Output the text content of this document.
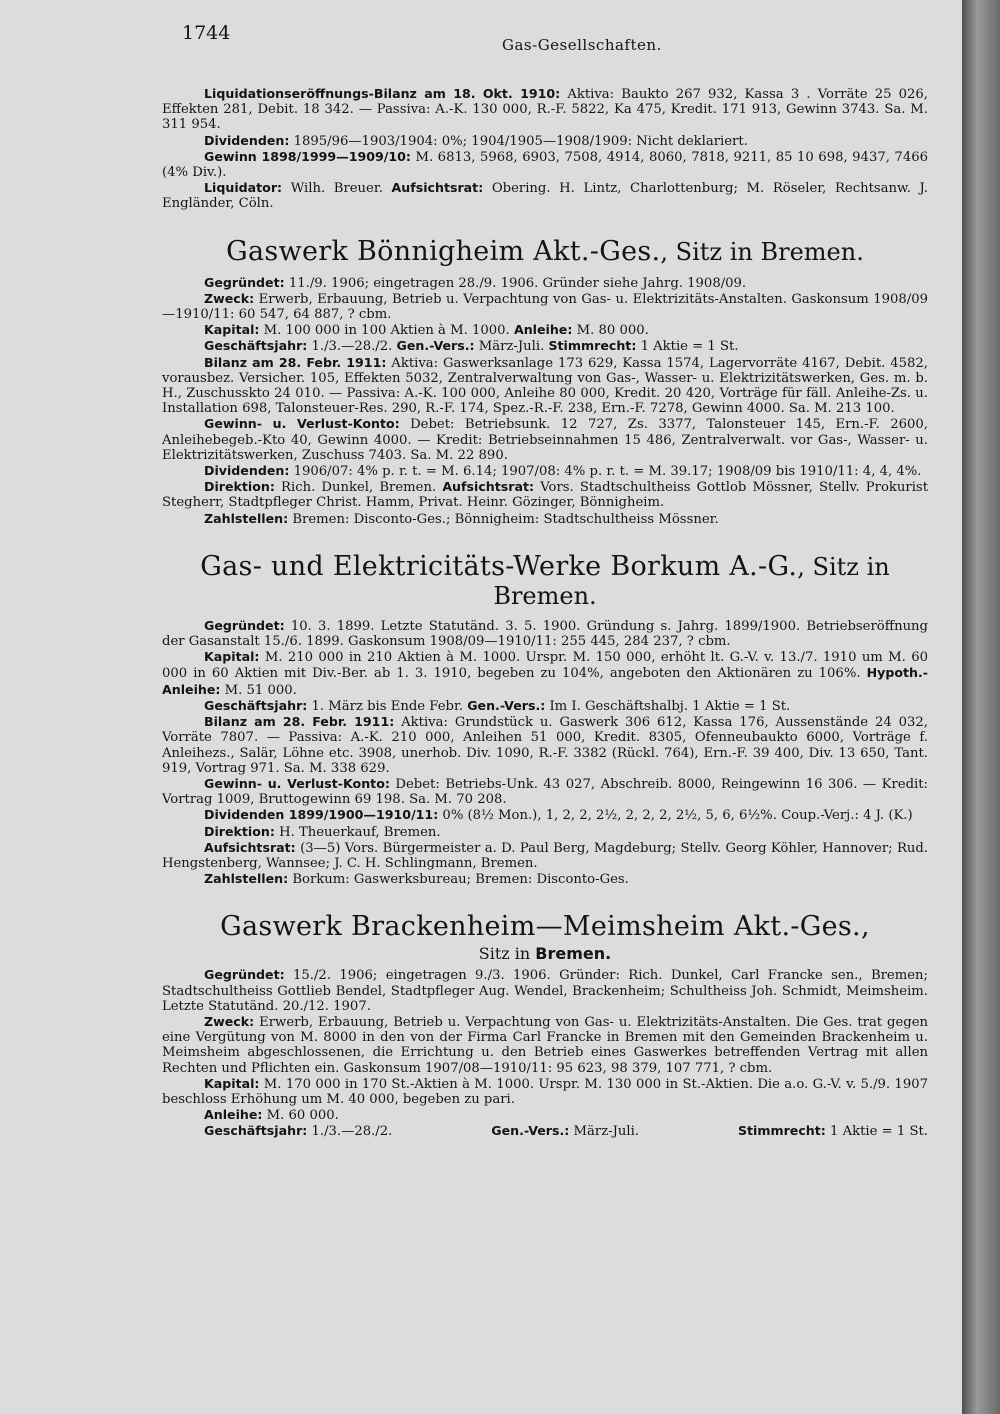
1744
Gas-Gesellschaften.

Liquidationseröffnungs-Bilanz am 18. Okt. 1910: Aktiva: Baukto 267 932, Kassa 3 . Vorräte 25 026, Effekten 281, Debit. 18 342. — Passiva: A.-K. 130 000, R.-F. 5822, Ka 475, Kredit. 171 913, Gewinn 3743. Sa. M. 311 954.

Dividenden: 1895/96—1903/1904: 0%; 1904/1905—1908/1909: Nicht deklariert.

Gewinn 1898/1999—1909/10: M. 6813, 5968, 6903, 7508, 4914, 8060, 7818, 9211, 85 10 698, 9437, 7466 (4% Div.).

Liquidator: Wilh. Breuer. Aufsichtsrat: Obering. H. Lintz, Charlottenburg; M. Röseler, Rechtsanw. J. Engländer, Cöln.

Gaswerk Bönnigheim Akt.-Ges., Sitz in Bremen.

Gegründet: 11./9. 1906; eingetragen 28./9. 1906. Gründer siehe Jahrg. 1908/09.

Zweck: Erwerb, Erbauung, Betrieb u. Verpachtung von Gas- u. Elektrizitäts-Anstalten. Gaskonsum 1908/09—1910/11: 60 547, 64 887, ? cbm.

Kapital: M. 100 000 in 100 Aktien à M. 1000. Anleihe: M. 80 000.

Geschäftsjahr: 1./3.—28./2. Gen.-Vers.: März-Juli. Stimmrecht: 1 Aktie = 1 St.

Bilanz am 28. Febr. 1911: Aktiva: Gaswerksanlage 173 629, Kassa 1574, Lagervorräte 4167, Debit. 4582, vorausbez. Versicher. 105, Effekten 5032, Zentralverwaltung von Gas-, Wasser- u. Elektrizitätswerken, Ges. m. b. H., Zuschusskto 24 010. — Passiva: A.-K. 100 000, Anleihe 80 000, Kredit. 20 420, Vorträge für fäll. Anleihe-Zs. u. Installation 698, Talonsteuer-Res. 290, R.-F. 174, Spez.-R.-F. 238, Ern.-F. 7278, Gewinn 4000. Sa. M. 213 100.

Gewinn- u. Verlust-Konto: Debet: Betriebsunk. 12 727, Zs. 3377, Talonsteuer 145, Ern.-F. 2600, Anleihebegeb.-Kto 40, Gewinn 4000. — Kredit: Betriebseinnahmen 15 486, Zentralverwalt. vor Gas-, Wasser- u. Elektrizitätswerken, Zuschuss 7403. Sa. M. 22 890.

Dividenden: 1906/07: 4% p. r. t. = M. 6.14; 1907/08: 4% p. r. t. = M. 39.17; 1908/09 bis 1910/11: 4, 4, 4%.

Direktion: Rich. Dunkel, Bremen. Aufsichtsrat: Vors. Stadtschultheiss Gottlob Mössner, Stellv. Prokurist Stegherr, Stadtpfleger Christ. Hamm, Privat. Heinr. Gözinger, Bönnigheim.

Zahlstellen: Bremen: Disconto-Ges.; Bönnigheim: Stadtschultheiss Mössner.

Gas- und Elektricitäts-Werke Borkum A.-G., Sitz in Bremen.

Gegründet: 10. 3. 1899. Letzte Statutänd. 3. 5. 1900. Gründung s. Jahrg. 1899/1900. Betriebseröffnung der Gasanstalt 15./6. 1899. Gaskonsum 1908/09—1910/11: 255 445, 284 237, ? cbm.

Kapital: M. 210 000 in 210 Aktien à M. 1000. Urspr. M. 150 000, erhöht lt. G.-V. v. 13./7. 1910 um M. 60 000 in 60 Aktien mit Div.-Ber. ab 1. 3. 1910, begeben zu 104%, angeboten den Aktionären zu 106%. Hypoth.-Anleihe: M. 51 000.

Geschäftsjahr: 1. März bis Ende Febr. Gen.-Vers.: Im I. Geschäftshalbj. 1 Aktie = 1 St.

Bilanz am 28. Febr. 1911: Aktiva: Grundstück u. Gaswerk 306 612, Kassa 176, Aussenstände 24 032, Vorräte 7807. — Passiva: A.-K. 210 000, Anleihen 51 000, Kredit. 8305, Ofenneubaukto 6000, Vorträge f. Anleihezs., Salär, Löhne etc. 3908, unerhob. Div. 1090, R.-F. 3382 (Rückl. 764), Ern.-F. 39 400, Div. 13 650, Tant. 919, Vortrag 971. Sa. M. 338 629.

Gewinn- u. Verlust-Konto: Debet: Betriebs-Unk. 43 027, Abschreib. 8000, Reingewinn 16 306. — Kredit: Vortrag 1009, Bruttogewinn 69 198. Sa. M. 70 208.

Dividenden 1899/1900—1910/11: 0% (8½ Mon.), 1, 2, 2, 2½, 2, 2, 2, 2½, 5, 6, 6½%. Coup.-Verj.: 4 J. (K.)

Direktion: H. Theuerkauf, Bremen.

Aufsichtsrat: (3—5) Vors. Bürgermeister a. D. Paul Berg, Magdeburg; Stellv. Georg Köhler, Hannover; Rud. Hengstenberg, Wannsee; J. C. H. Schlingmann, Bremen.

Zahlstellen: Borkum: Gaswerksbureau; Bremen: Disconto-Ges.

Gaswerk Brackenheim—Meimsheim Akt.-Ges.,
Sitz in Bremen.

Gegründet: 15./2. 1906; eingetragen 9./3. 1906. Gründer: Rich. Dunkel, Carl Francke sen., Bremen; Stadtschultheiss Gottlieb Bendel, Stadtpfleger Aug. Wendel, Brackenheim; Schultheiss Joh. Schmidt, Meimsheim. Letzte Statutänd. 20./12. 1907.

Zweck: Erwerb, Erbauung, Betrieb u. Verpachtung von Gas- u. Elektrizitäts-Anstalten. Die Ges. trat gegen eine Vergütung von M. 8000 in den von der Firma Carl Francke in Bremen mit den Gemeinden Brackenheim u. Meimsheim abgeschlossenen, die Errichtung u. den Betrieb eines Gaswerkes betreffenden Vertrag mit allen Rechten und Pflichten ein. Gaskonsum 1907/08—1910/11: 95 623, 98 379, 107 771, ? cbm.

Kapital: M. 170 000 in 170 St.-Aktien à M. 1000. Urspr. M. 130 000 in St.-Aktien. Die a.o. G.-V. v. 5./9. 1907 beschloss Erhöhung um M. 40 000, begeben zu pari.

Anleihe: M. 60 000.

Geschäftsjahr: 1./3.—28./2.	Gen.-Vers.: März-Juli.	Stimmrecht: 1 Aktie = 1 St.
